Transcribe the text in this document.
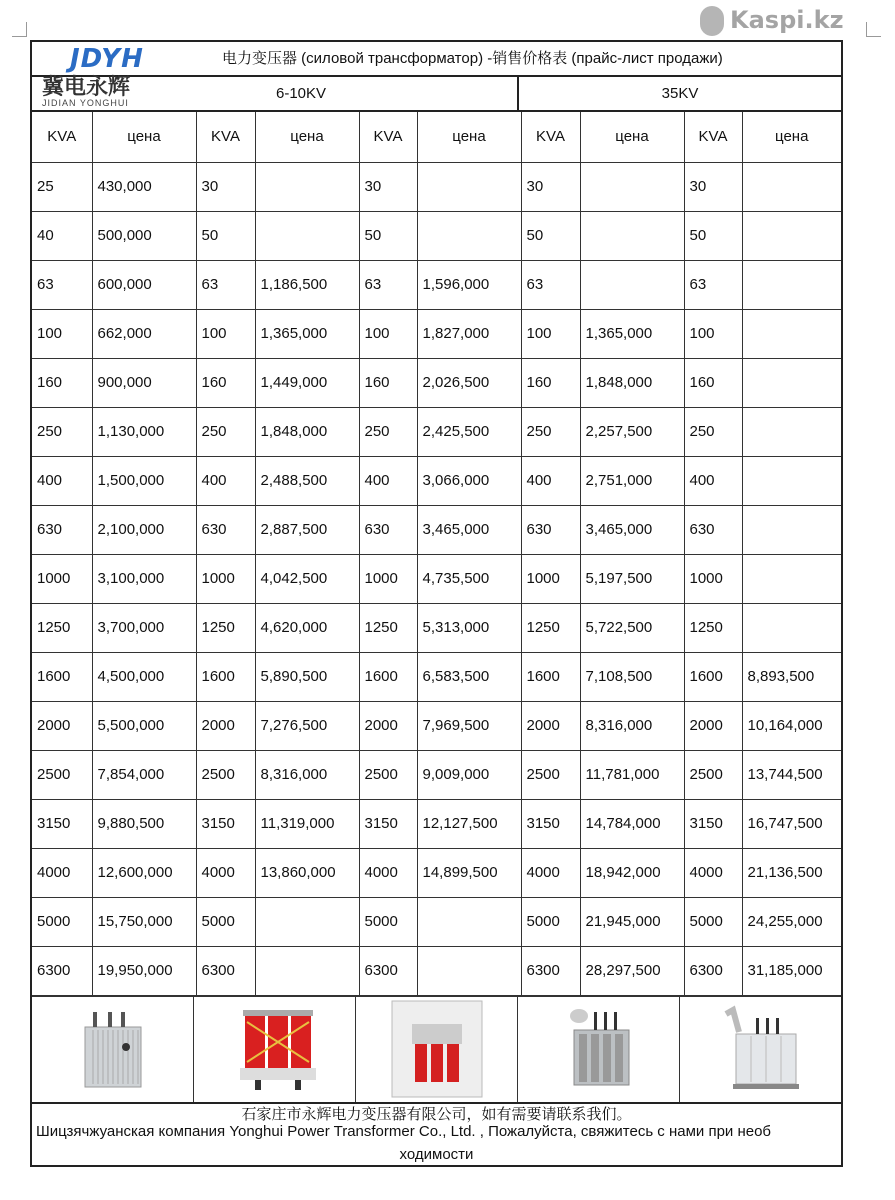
Kaspi.kz
JDYH	电力变压器 (силовой трансформатор) -销售价格表 (прайс-лист продажи)
冀电永辉
JIDIAN YONGHUI
6-10KV	35KV
KVA	цена	KVA	цена	KVA	цена	KVA	цена	KVA	цена
25	430,000	30		30		30		30	
40	500,000	50		50		50		50	
63	600,000	63	1,186,500	63	1,596,000	63		63	
100	662,000	100	1,365,000	100	1,827,000	100	1,365,000	100	
160	900,000	160	1,449,000	160	2,026,500	160	1,848,000	160	
250	1,130,000	250	1,848,000	250	2,425,500	250	2,257,500	250	
400	1,500,000	400	2,488,500	400	3,066,000	400	2,751,000	400	
630	2,100,000	630	2,887,500	630	3,465,000	630	3,465,000	630	
1000	3,100,000	1000	4,042,500	1000	4,735,500	1000	5,197,500	1000	
1250	3,700,000	1250	4,620,000	1250	5,313,000	1250	5,722,500	1250	
1600	4,500,000	1600	5,890,500	1600	6,583,500	1600	7,108,500	1600	8,893,500
2000	5,500,000	2000	7,276,500	2000	7,969,500	2000	8,316,000	2000	10,164,000
2500	7,854,000	2500	8,316,000	2500	9,009,000	2500	11,781,000	2500	13,744,500
3150	9,880,500	3150	11,319,000	3150	12,127,500	3150	14,784,000	3150	16,747,500
4000	12,600,000	4000	13,860,000	4000	14,899,500	4000	18,942,000	4000	21,136,500
5000	15,750,000	5000		5000		5000	21,945,000	5000	24,255,000
6300	19,950,000	6300		6300		6300	28,297,500	6300	31,185,000
石家庄市永辉电力变压器有限公司，如有需要请联系我们。
Шицзячжуанская компания Yonghui Power Transformer Co., Ltd. , Пожалуйста, свяжитесь с нами при необ
ходимости
